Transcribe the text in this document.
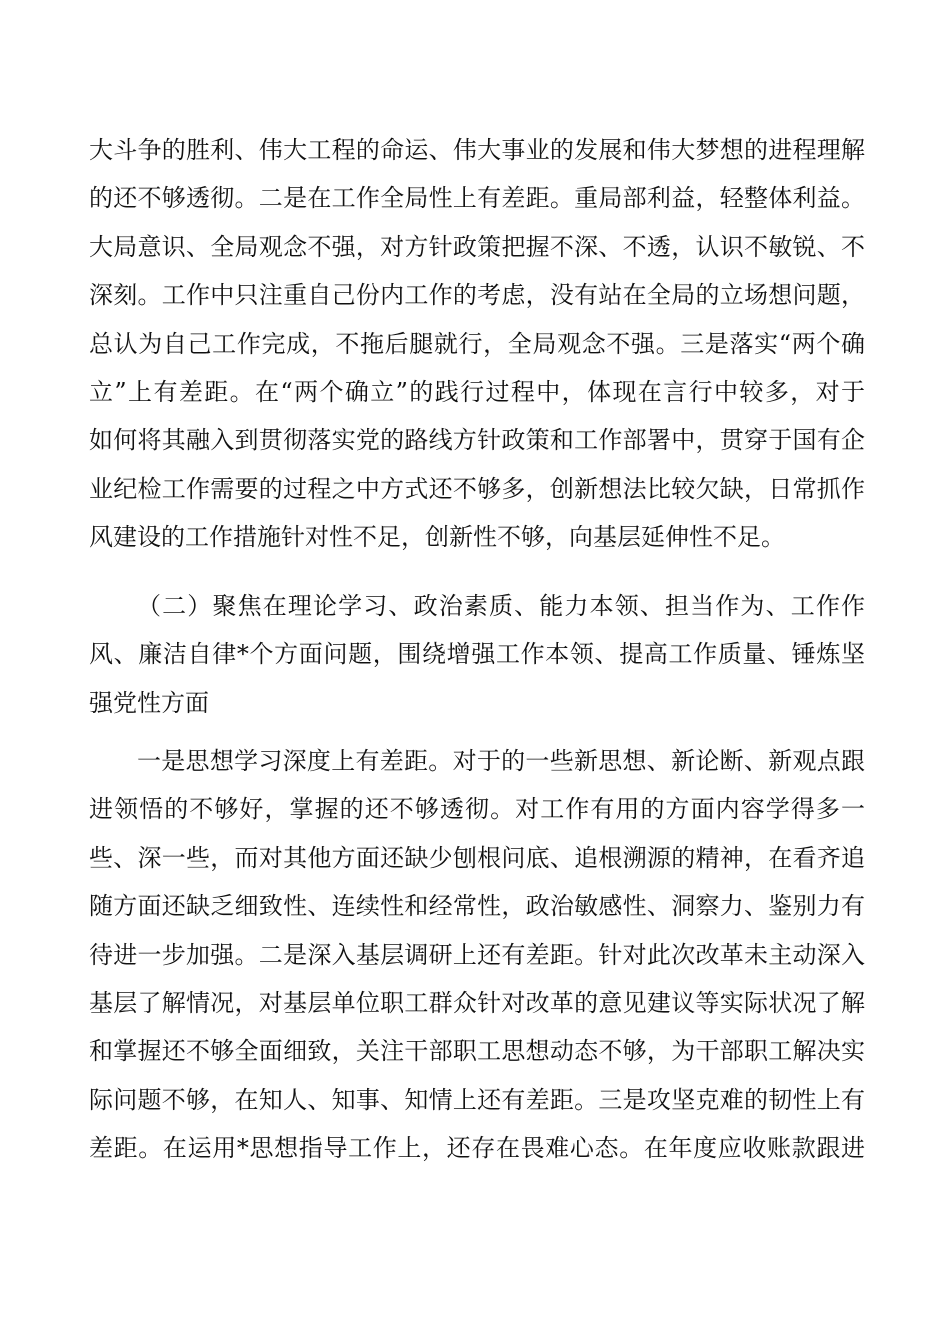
大斗争的胜利、伟大工程的命运、伟大事业的发展和伟大梦想的进程理解
的还不够透彻。二是在工作全局性上有差距。重局部利益，轻整体利益。
大局意识、全局观念不强，对方针政策把握不深、不透，认识不敏锐、不
深刻。工作中只注重自己份内工作的考虑，没有站在全局的立场想问题，
总认为自己工作完成，不拖后腿就行，全局观念不强。三是落实“两个确
立”上有差距。在“两个确立”的践行过程中，体现在言行中较多，对于
如何将其融入到贯彻落实党的路线方针政策和工作部署中，贯穿于国有企
业纪检工作需要的过程之中方式还不够多，创新想法比较欠缺，日常抓作
风建设的工作措施针对性不足，创新性不够，向基层延伸性不足。
（二）聚焦在理论学习、政治素质、能力本领、担当作为、工作作
风、廉洁自律*个方面问题，围绕增强工作本领、提高工作质量、锤炼坚
强党性方面
一是思想学习深度上有差距。对于的一些新思想、新论断、新观点跟
进领悟的不够好，掌握的还不够透彻。对工作有用的方面内容学得多一
些、深一些，而对其他方面还缺少刨根问底、追根溯源的精神，在看齐追
随方面还缺乏细致性、连续性和经常性，政治敏感性、洞察力、鉴别力有
待进一步加强。二是深入基层调研上还有差距。针对此次改革未主动深入
基层了解情况，对基层单位职工群众针对改革的意见建议等实际状况了解
和掌握还不够全面细致，关注干部职工思想动态不够，为干部职工解决实
际问题不够，在知人、知事、知情上还有差距。三是攻坚克难的韧性上有
差距。在运用*思想指导工作上，还存在畏难心态。在年度应收账款跟进
